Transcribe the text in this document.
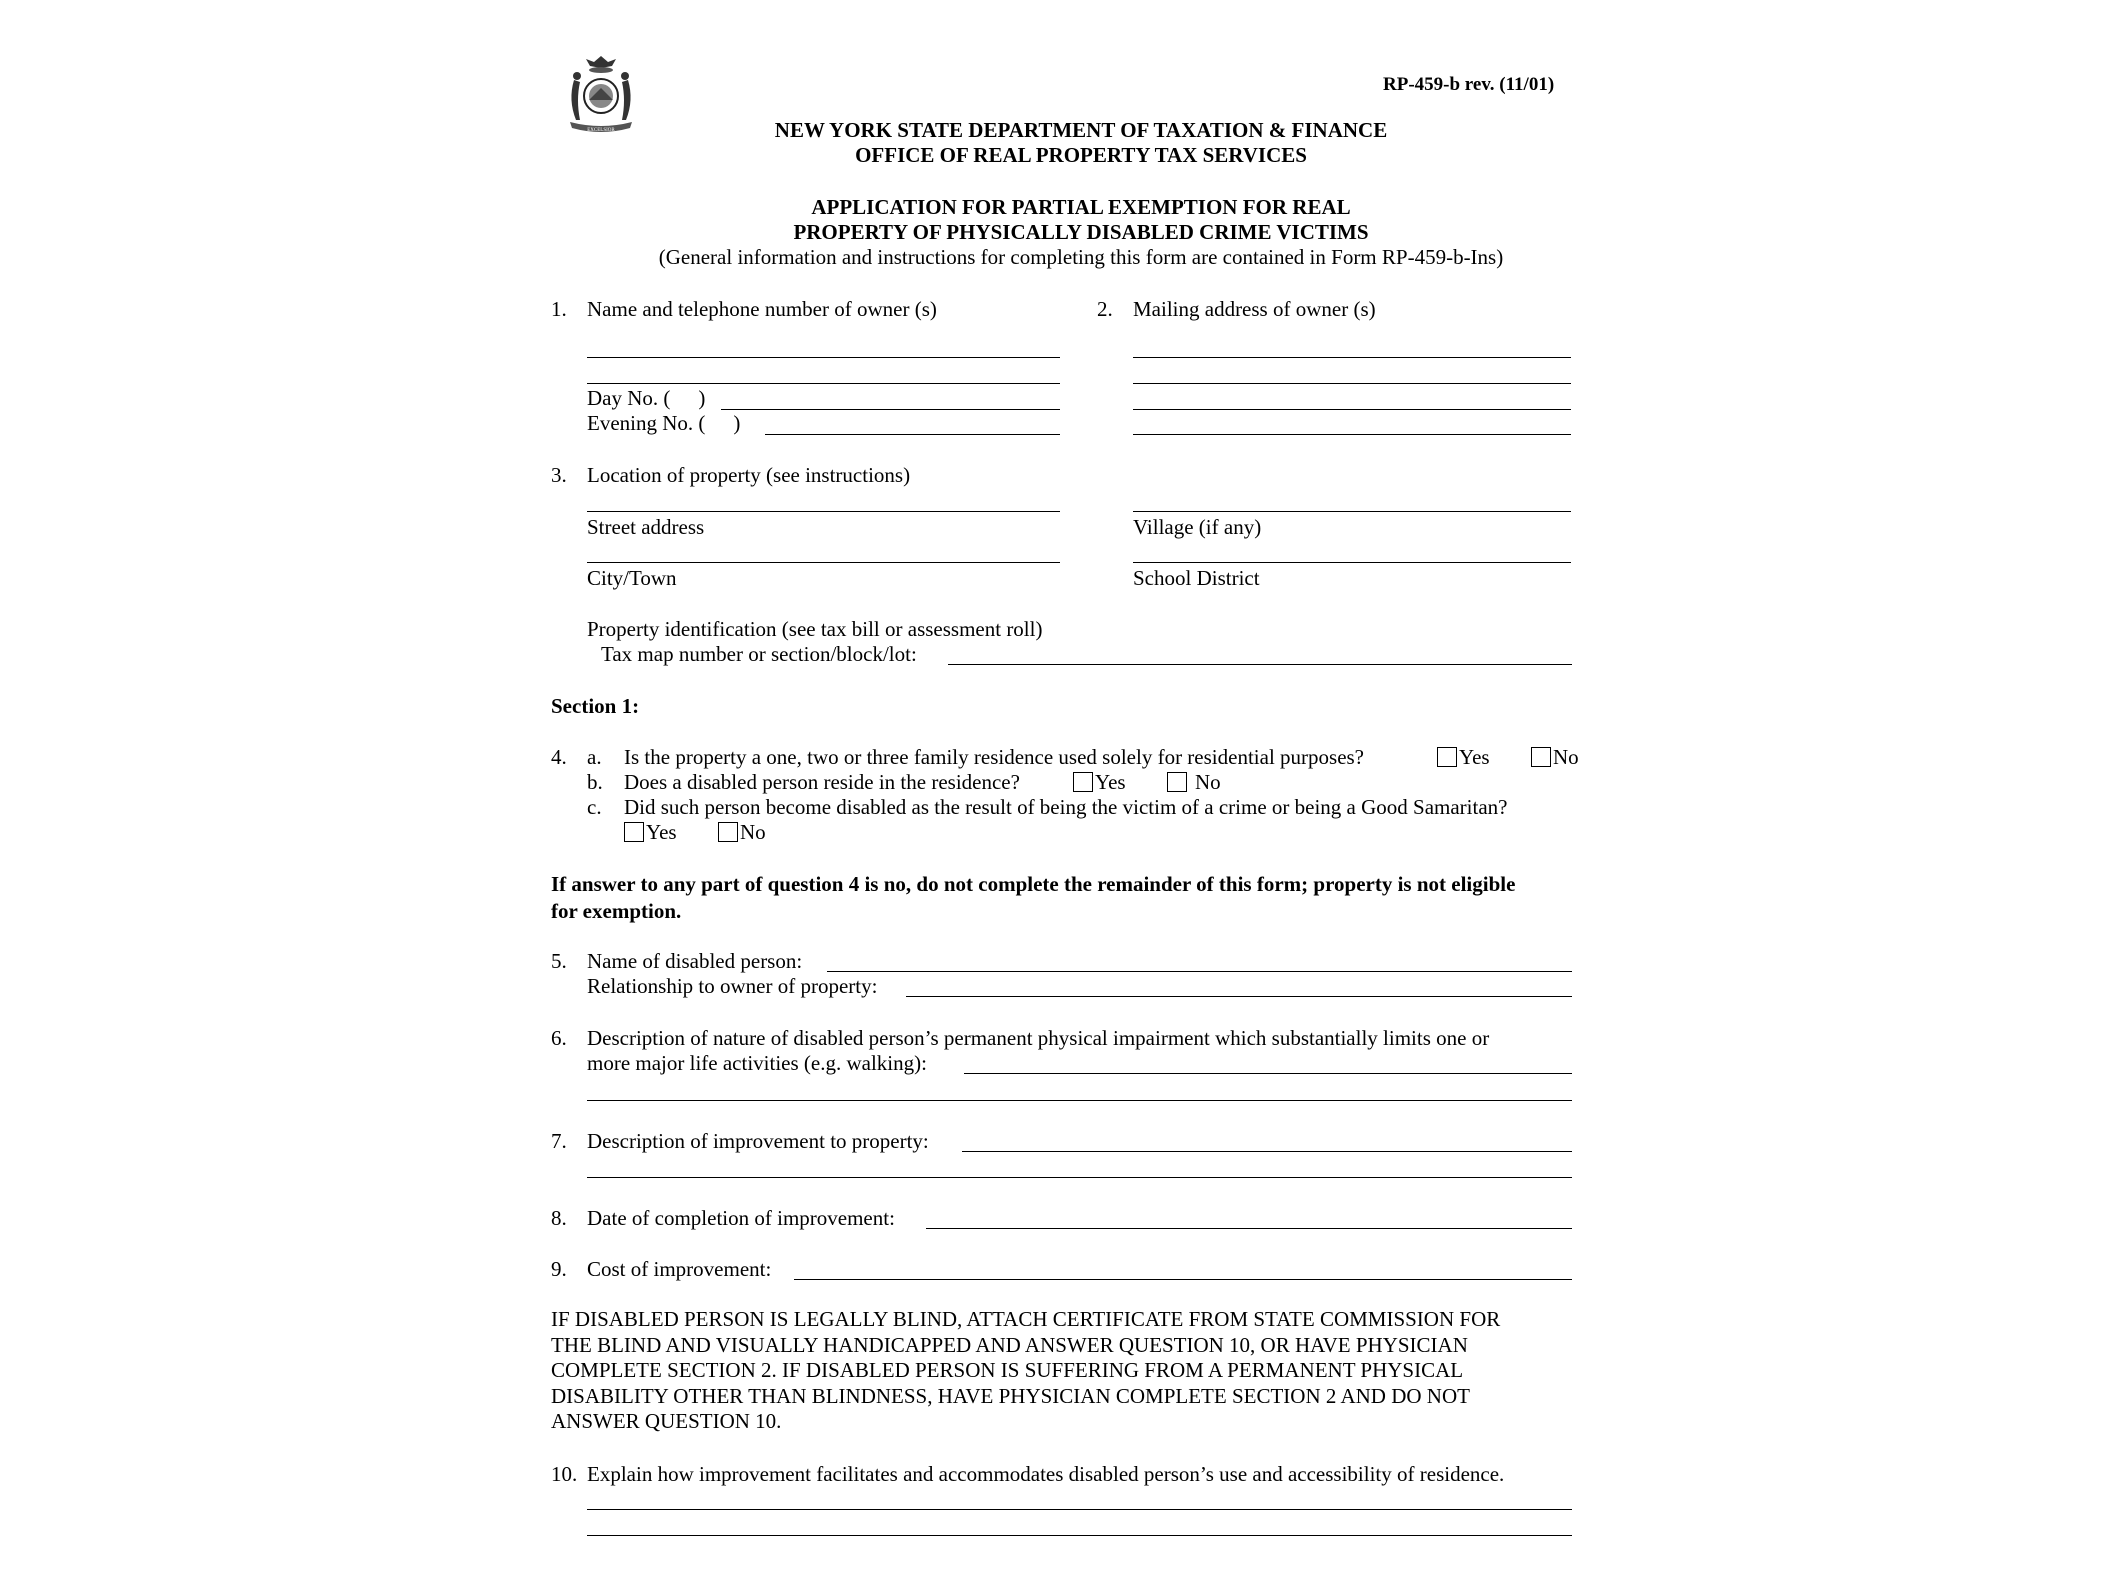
EXCELSIOR
RP-459-b rev. (11/01)
NEW YORK STATE DEPARTMENT OF TAXATION & FINANCE
OFFICE OF REAL PROPERTY TAX SERVICES
APPLICATION FOR PARTIAL EXEMPTION FOR REAL
PROPERTY OF PHYSICALLY DISABLED CRIME VICTIMS
(General information and instructions for completing this form are contained in Form RP-459-b-Ins)
1. Name and telephone number of owner (s)
Day No. ( )
Evening No. ( )
2. Mailing address of owner (s)
3. Location of property (see instructions)
Street address	Village (if any)
City/Town	School District
Property identification (see tax bill or assessment roll)
Tax map number or section/block/lot:
Section 1:
4. a. Is the property a one, two or three family residence used solely for residential purposes?	Yes	No
b. Does a disabled person reside in the residence?	Yes	No
c. Did such person become disabled as the result of being the victim of a crime or being a Good Samaritan?
Yes	No
If answer to any part of question 4 is no, do not complete the remainder of this form; property is not eligible
for exemption.
5. Name of disabled person:
Relationship to owner of property:
6. Description of nature of disabled person’s permanent physical impairment which substantially limits one or
more major life activities (e.g. walking):
7. Description of improvement to property:
8. Date of completion of improvement:
9. Cost of improvement:
IF DISABLED PERSON IS LEGALLY BLIND, ATTACH CERTIFICATE FROM STATE COMMISSION FOR
THE BLIND AND VISUALLY HANDICAPPED AND ANSWER QUESTION 10, OR HAVE PHYSICIAN
COMPLETE SECTION 2. IF DISABLED PERSON IS SUFFERING FROM A PERMANENT PHYSICAL
DISABILITY OTHER THAN BLINDNESS, HAVE PHYSICIAN COMPLETE SECTION 2 AND DO NOT
ANSWER QUESTION 10.
10. Explain how improvement facilitates and accommodates disabled person’s use and accessibility of residence.
